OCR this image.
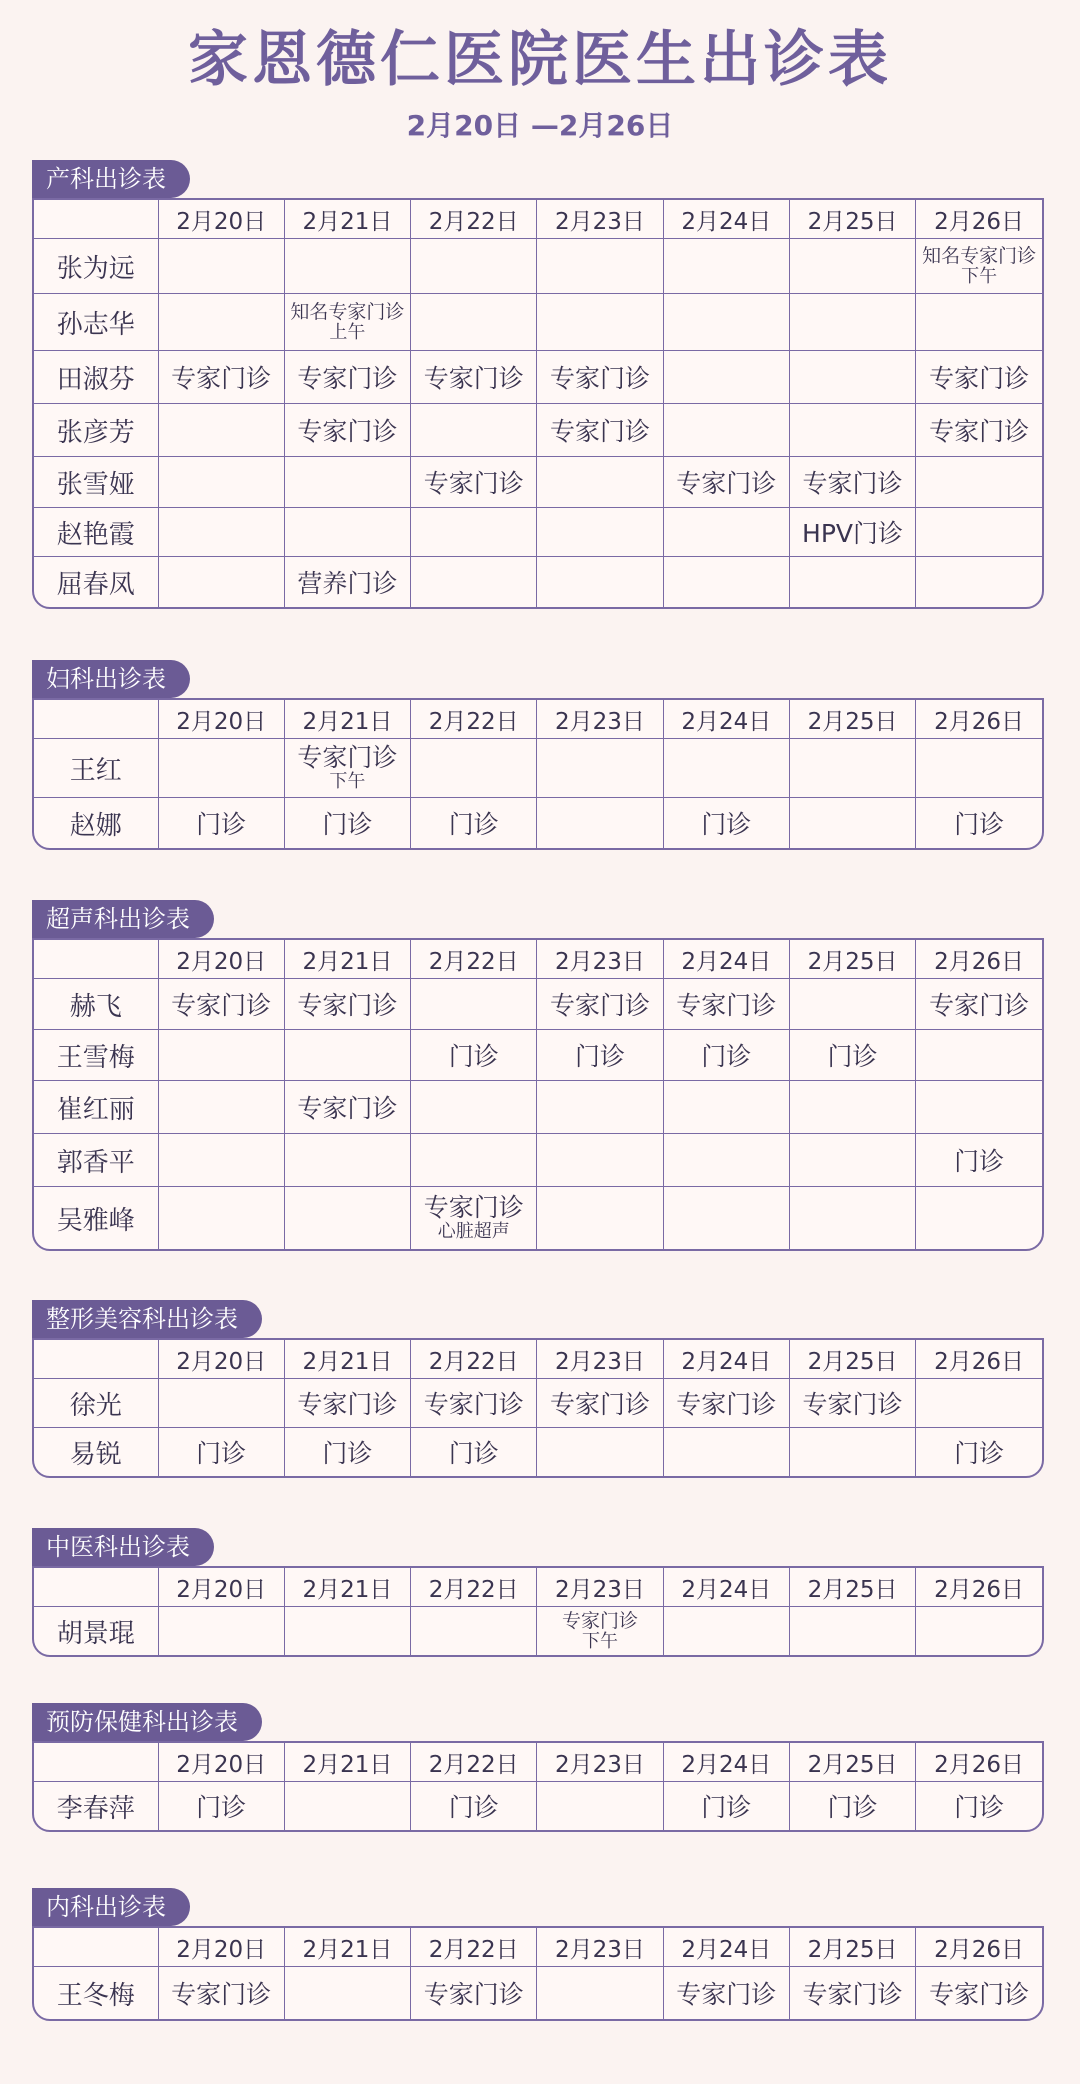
家恩德仁医院医生出诊表
2月20日 —2月26日
产科出诊表
	2月20日	2月21日	2月22日	2月23日	2月24日	2月25日	2月26日
张为远							知名专家门诊
下午

孙志华		知名专家门诊
上午					

田淑芬	专家门诊	专家门诊	专家门诊	专家门诊			专家门诊
张彦芳		专家门诊		专家门诊			专家门诊
张雪娅			专家门诊		专家门诊	专家门诊	
赵艳霞						HPV门诊	
屈春凤		营养门诊					
妇科出诊表
	2月20日	2月21日	2月22日	2月23日	2月24日	2月25日	2月26日
王红		专家门诊
下午					

赵娜	门诊	门诊	门诊		门诊		门诊
超声科出诊表
	2月20日	2月21日	2月22日	2月23日	2月24日	2月25日	2月26日
赫飞	专家门诊	专家门诊		专家门诊	专家门诊		专家门诊
王雪梅			门诊	门诊	门诊	门诊	
崔红丽		专家门诊					
郭香平							门诊
吴雅峰			专家门诊
心脏超声				

整形美容科出诊表
	2月20日	2月21日	2月22日	2月23日	2月24日	2月25日	2月26日
徐光		专家门诊	专家门诊	专家门诊	专家门诊	专家门诊	
易锐	门诊	门诊	门诊				门诊
中医科出诊表
	2月20日	2月21日	2月22日	2月23日	2月24日	2月25日	2月26日
胡景琨				专家门诊
下午			

预防保健科出诊表
	2月20日	2月21日	2月22日	2月23日	2月24日	2月25日	2月26日
李春萍	门诊		门诊		门诊	门诊	门诊
内科出诊表
	2月20日	2月21日	2月22日	2月23日	2月24日	2月25日	2月26日
王冬梅	专家门诊		专家门诊		专家门诊	专家门诊	专家门诊
